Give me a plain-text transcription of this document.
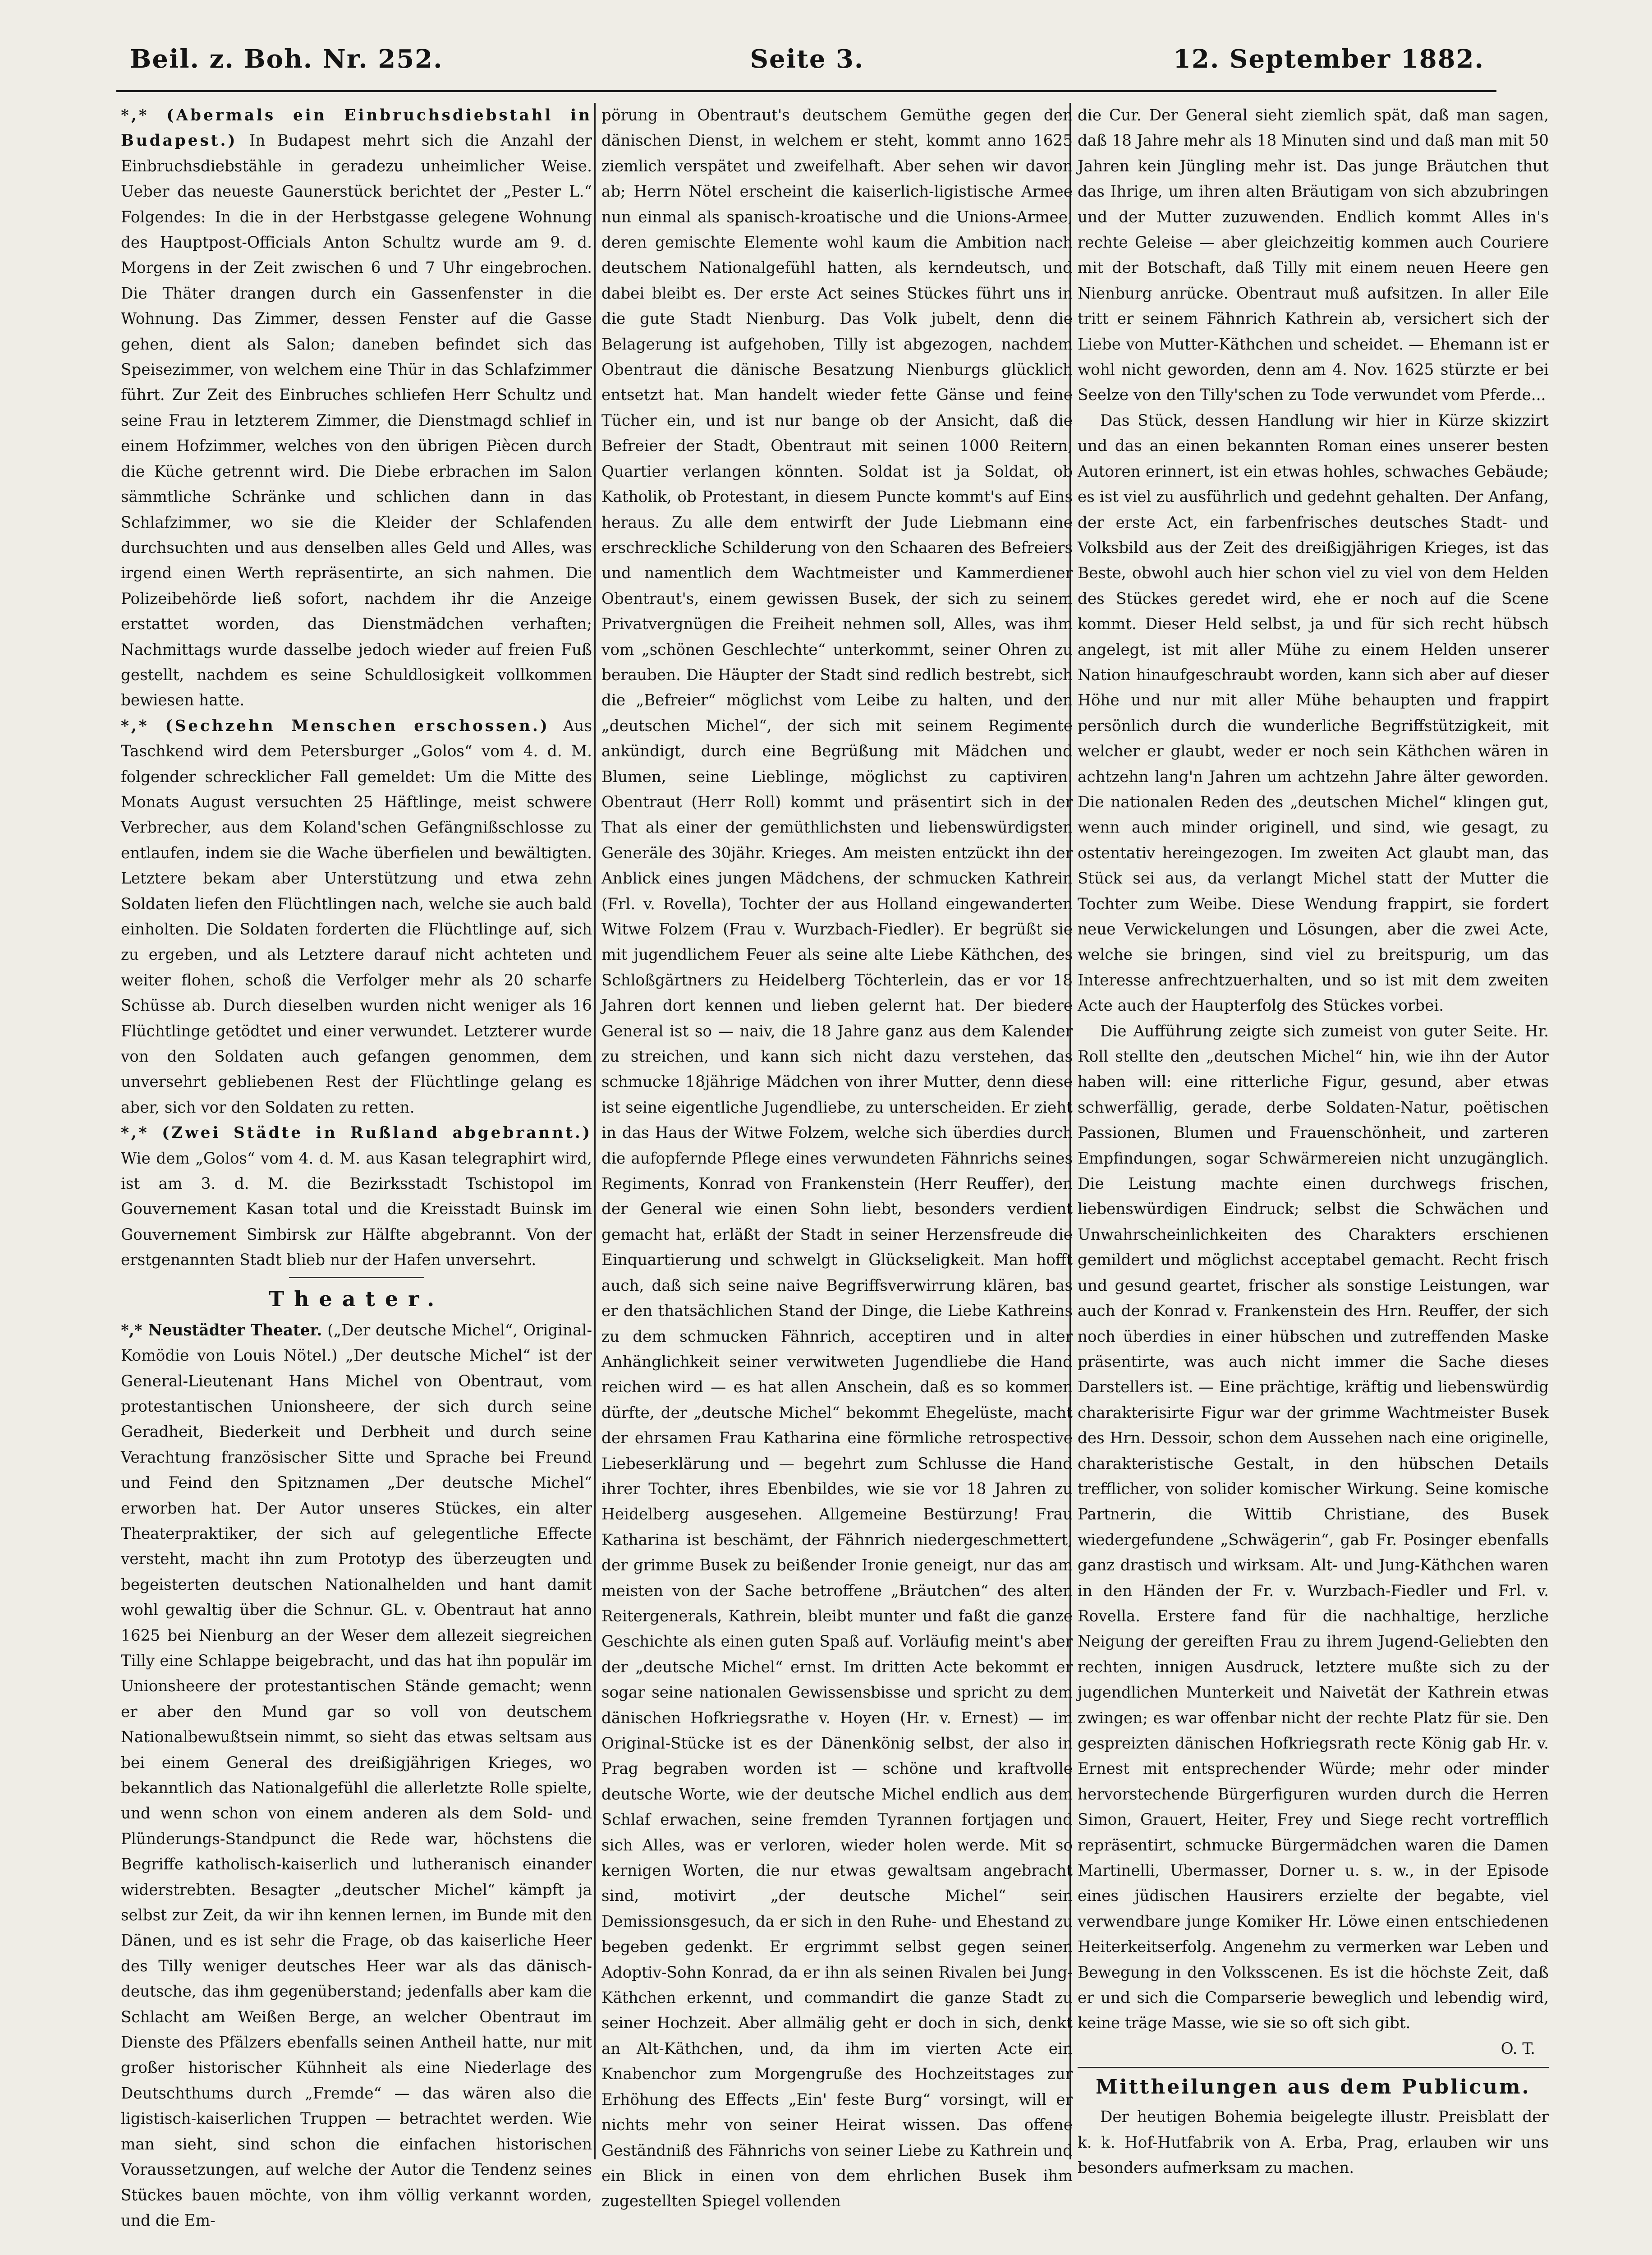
Beil. z. Boh. Nr. 252.	Seite 3.	12. September 1882.

*,* (Abermals ein Einbruchsdiebstahl in Budapest.) In Budapest mehrt sich die Anzahl der Einbruchsdiebstähle in geradezu unheimlicher Weise. Ueber das neueste Gaunerstück berichtet der „Pester L.“ Folgendes: In die in der Herbstgasse gelegene Wohnung des Hauptpost-Officials Anton Schultz wurde am 9. d. Morgens in der Zeit zwischen 6 und 7 Uhr eingebrochen. Die Thäter drangen durch ein Gassenfenster in die Wohnung. Das Zimmer, dessen Fenster auf die Gasse gehen, dient als Salon; daneben befindet sich das Speisezimmer, von welchem eine Thür in das Schlafzimmer führt. Zur Zeit des Einbruches schliefen Herr Schultz und seine Frau in letzterem Zimmer, die Dienstmagd schlief in einem Hofzimmer, welches von den übrigen Piècen durch die Küche getrennt wird. Die Diebe erbrachen im Salon sämmtliche Schränke und schlichen dann in das Schlafzimmer, wo sie die Kleider der Schlafenden durchsuchten und aus denselben alles Geld und Alles, was irgend einen Werth repräsentirte, an sich nahmen. Die Polizeibehörde ließ sofort, nachdem ihr die Anzeige erstattet worden, das Dienstmädchen verhaften; Nachmittags wurde dasselbe jedoch wieder auf freien Fuß gestellt, nachdem es seine Schuldlosigkeit vollkommen bewiesen hatte.

*,* (Sechzehn Menschen erschossen.) Aus Taschkend wird dem Petersburger „Golos“ vom 4. d. M. folgender schrecklicher Fall gemeldet: Um die Mitte des Monats August versuchten 25 Häftlinge, meist schwere Verbrecher, aus dem Koland'schen Gefängnißschlosse zu entlaufen, indem sie die Wache überfielen und bewältigten. Letztere bekam aber Unterstützung und etwa zehn Soldaten liefen den Flüchtlingen nach, welche sie auch bald einholten. Die Soldaten forderten die Flüchtlinge auf, sich zu ergeben, und als Letztere darauf nicht achteten und weiter flohen, schoß die Verfolger mehr als 20 scharfe Schüsse ab. Durch dieselben wurden nicht weniger als 16 Flüchtlinge getödtet und einer verwundet. Letzterer wurde von den Soldaten auch gefangen genommen, dem unversehrt gebliebenen Rest der Flüchtlinge gelang es aber, sich vor den Soldaten zu retten.

*,* (Zwei Städte in Rußland abgebrannt.) Wie dem „Golos“ vom 4. d. M. aus Kasan telegraphirt wird, ist am 3. d. M. die Bezirksstadt Tschistopol im Gouvernement Kasan total und die Kreisstadt Buinsk im Gouvernement Simbirsk zur Hälfte abgebrannt. Von der erstgenannten Stadt blieb nur der Hafen unversehrt.

Theater.

*,* Neustädter Theater. („Der deutsche Michel“, Original-Komödie von Louis Nötel.) „Der deutsche Michel“ ist der General-Lieutenant Hans Michel von Obentraut, vom protestantischen Unionsheere, der sich durch seine Geradheit, Biederkeit und Derbheit und durch seine Verachtung französischer Sitte und Sprache bei Freund und Feind den Spitznamen „Der deutsche Michel“ erworben hat. Der Autor unseres Stückes, ein alter Theaterpraktiker, der sich auf gelegentliche Effecte versteht, macht ihn zum Prototyp des überzeugten und begeisterten deutschen Nationalhelden und hant damit wohl gewaltig über die Schnur. GL. v. Obentraut hat anno 1625 bei Nienburg an der Weser dem allezeit siegreichen Tilly eine Schlappe beigebracht, und das hat ihn populär im Unionsheere der protestantischen Stände gemacht; wenn er aber den Mund gar so voll von deutschem Nationalbewußtsein nimmt, so sieht das etwas seltsam aus bei einem General des dreißigjährigen Krieges, wo bekanntlich das Nationalgefühl die allerletzte Rolle spielte, und wenn schon von einem anderen als dem Sold- und Plünderungs-Standpunct die Rede war, höchstens die Begriffe katholisch-kaiserlich und lutheranisch einander widerstrebten. Besagter „deutscher Michel“ kämpft ja selbst zur Zeit, da wir ihn kennen lernen, im Bunde mit den Dänen, und es ist sehr die Frage, ob das kaiserliche Heer des Tilly weniger deutsches Heer war als das dänisch-deutsche, das ihm gegenüberstand; jedenfalls aber kam die Schlacht am Weißen Berge, an welcher Obentraut im Dienste des Pfälzers ebenfalls seinen Antheil hatte, nur mit großer historischer Kühnheit als eine Niederlage des Deutschthums durch „Fremde“ — das wären also die ligistisch-kaiserlichen Truppen — betrachtet werden. Wie man sieht, sind schon die einfachen historischen Voraussetzungen, auf welche der Autor die Tendenz seines Stückes bauen möchte, von ihm völlig verkannt worden, und die Em-

pörung in Obentraut's deutschem Gemüthe gegen den dänischen Dienst, in welchem er steht, kommt anno 1625 ziemlich verspätet und zweifelhaft. Aber sehen wir davon ab; Herrn Nötel erscheint die kaiserlich-ligistische Armee nun einmal als spanisch-kroatische und die Unions-Armee, deren gemischte Elemente wohl kaum die Ambition nach deutschem Nationalgefühl hatten, als kerndeutsch, und dabei bleibt es. Der erste Act seines Stückes führt uns in die gute Stadt Nienburg. Das Volk jubelt, denn die Belagerung ist aufgehoben, Tilly ist abgezogen, nachdem Obentraut die dänische Besatzung Nienburgs glücklich entsetzt hat. Man handelt wieder fette Gänse und feine Tücher ein, und ist nur bange ob der Ansicht, daß die Befreier der Stadt, Obentraut mit seinen 1000 Reitern, Quartier verlangen könnten. Soldat ist ja Soldat, ob Katholik, ob Protestant, in diesem Puncte kommt's auf Eins heraus. Zu alle dem entwirft der Jude Liebmann eine erschreckliche Schilderung von den Schaaren des Befreiers und namentlich dem Wachtmeister und Kammerdiener Obentraut's, einem gewissen Busek, der sich zu seinem Privatvergnügen die Freiheit nehmen soll, Alles, was ihm vom „schönen Geschlechte“ unterkommt, seiner Ohren zu berauben. Die Häupter der Stadt sind redlich bestrebt, sich die „Befreier“ möglichst vom Leibe zu halten, und den „deutschen Michel“, der sich mit seinem Regimente ankündigt, durch eine Begrüßung mit Mädchen und Blumen, seine Lieblinge, möglichst zu captiviren. Obentraut (Herr Roll) kommt und präsentirt sich in der That als einer der gemüthlichsten und liebenswürdigsten Generäle des 30jähr. Krieges. Am meisten entzückt ihn der Anblick eines jungen Mädchens, der schmucken Kathrein (Frl. v. Rovella), Tochter der aus Holland eingewanderten Witwe Folzem (Frau v. Wurzbach-Fiedler). Er begrüßt sie mit jugendlichem Feuer als seine alte Liebe Käthchen, des Schloßgärtners zu Heidelberg Töchterlein, das er vor 18 Jahren dort kennen und lieben gelernt hat. Der biedere General ist so — naiv, die 18 Jahre ganz aus dem Kalender zu streichen, und kann sich nicht dazu verstehen, das schmucke 18jährige Mädchen von ihrer Mutter, denn diese ist seine eigentliche Jugendliebe, zu unterscheiden. Er zieht in das Haus der Witwe Folzem, welche sich überdies durch die aufopfernde Pflege eines verwundeten Fähnrichs seines Regiments, Konrad von Frankenstein (Herr Reuffer), den der General wie einen Sohn liebt, besonders verdient gemacht hat, erläßt der Stadt in seiner Herzensfreude die Einquartierung und schwelgt in Glückseligkeit. Man hofft auch, daß sich seine naive Begriffsverwirrung klären, bas er den thatsächlichen Stand der Dinge, die Liebe Kathreins zu dem schmucken Fähnrich, acceptiren und in alter Anhänglichkeit seiner verwitweten Jugendliebe die Hand reichen wird — es hat allen Anschein, daß es so kommen dürfte, der „deutsche Michel“ bekommt Ehegelüste, macht der ehrsamen Frau Katharina eine förmliche retrospective Liebeserklärung und — begehrt zum Schlusse die Hand ihrer Tochter, ihres Ebenbildes, wie sie vor 18 Jahren zu Heidelberg ausgesehen. Allgemeine Bestürzung! Frau Katharina ist beschämt, der Fähnrich niedergeschmettert, der grimme Busek zu beißender Ironie geneigt, nur das am meisten von der Sache betroffene „Bräutchen“ des alten Reitergenerals, Kathrein, bleibt munter und faßt die ganze Geschichte als einen guten Spaß auf. Vorläufig meint's aber der „deutsche Michel“ ernst. Im dritten Acte bekommt er sogar seine nationalen Gewissensbisse und spricht zu dem dänischen Hofkriegsrathe v. Hoyen (Hr. v. Ernest) — im Original-Stücke ist es der Dänenkönig selbst, der also in Prag begraben worden ist — schöne und kraftvolle deutsche Worte, wie der deutsche Michel endlich aus dem Schlaf erwachen, seine fremden Tyrannen fortjagen und sich Alles, was er verloren, wieder holen werde. Mit so kernigen Worten, die nur etwas gewaltsam angebracht sind, motivirt „der deutsche Michel“ sein Demissionsgesuch, da er sich in den Ruhe- und Ehestand zu begeben gedenkt. Er ergrimmt selbst gegen seinen Adoptiv-Sohn Konrad, da er ihn als seinen Rivalen bei Jung-Käthchen erkennt, und commandirt die ganze Stadt zu seiner Hochzeit. Aber allmälig geht er doch in sich, denkt an Alt-Käthchen, und, da ihm im vierten Acte ein Knabenchor zum Morgengruße des Hochzeitstages zur Erhöhung des Effects „Ein' feste Burg“ vorsingt, will er nichts mehr von seiner Heirat wissen. Das offene Geständniß des Fähnrichs von seiner Liebe zu Kathrein und ein Blick in einen von dem ehrlichen Busek ihm zugestellten Spiegel vollenden

die Cur. Der General sieht ziemlich spät, daß man sagen, daß 18 Jahre mehr als 18 Minuten sind und daß man mit 50 Jahren kein Jüngling mehr ist. Das junge Bräutchen thut das Ihrige, um ihren alten Bräutigam von sich abzubringen und der Mutter zuzuwenden. Endlich kommt Alles in's rechte Geleise — aber gleichzeitig kommen auch Couriere mit der Botschaft, daß Tilly mit einem neuen Heere gen Nienburg anrücke. Obentraut muß aufsitzen. In aller Eile tritt er seinem Fähnrich Kathrein ab, versichert sich der Liebe von Mutter-Käthchen und scheidet. — Ehemann ist er wohl nicht geworden, denn am 4. Nov. 1625 stürzte er bei Seelze von den Tilly'schen zu Tode verwundet vom Pferde...

Das Stück, dessen Handlung wir hier in Kürze skizzirt und das an einen bekannten Roman eines unserer besten Autoren erinnert, ist ein etwas hohles, schwaches Gebäude; es ist viel zu ausführlich und gedehnt gehalten. Der Anfang, der erste Act, ein farbenfrisches deutsches Stadt- und Volksbild aus der Zeit des dreißigjährigen Krieges, ist das Beste, obwohl auch hier schon viel zu viel von dem Helden des Stückes geredet wird, ehe er noch auf die Scene kommt. Dieser Held selbst, ja und für sich recht hübsch angelegt, ist mit aller Mühe zu einem Helden unserer Nation hinaufgeschraubt worden, kann sich aber auf dieser Höhe und nur mit aller Mühe behaupten und frappirt persönlich durch die wunderliche Begriffstützigkeit, mit welcher er glaubt, weder er noch sein Käthchen wären in achtzehn lang'n Jahren um achtzehn Jahre älter geworden. Die nationalen Reden des „deutschen Michel“ klingen gut, wenn auch minder originell, und sind, wie gesagt, zu ostentativ hereingezogen. Im zweiten Act glaubt man, das Stück sei aus, da verlangt Michel statt der Mutter die Tochter zum Weibe. Diese Wendung frappirt, sie fordert neue Verwickelungen und Lösungen, aber die zwei Acte, welche sie bringen, sind viel zu breitspurig, um das Interesse anfrechtzuerhalten, und so ist mit dem zweiten Acte auch der Haupterfolg des Stückes vorbei.

Die Aufführung zeigte sich zumeist von guter Seite. Hr. Roll stellte den „deutschen Michel“ hin, wie ihn der Autor haben will: eine ritterliche Figur, gesund, aber etwas schwerfällig, gerade, derbe Soldaten-Natur, poëtischen Passionen, Blumen und Frauenschönheit, und zarteren Empfindungen, sogar Schwärmereien nicht unzugänglich. Die Leistung machte einen durchwegs frischen, liebenswürdigen Eindruck; selbst die Schwächen und Unwahrscheinlichkeiten des Charakters erschienen gemildert und möglichst acceptabel gemacht. Recht frisch und gesund geartet, frischer als sonstige Leistungen, war auch der Konrad v. Frankenstein des Hrn. Reuffer, der sich noch überdies in einer hübschen und zutreffenden Maske präsentirte, was auch nicht immer die Sache dieses Darstellers ist. — Eine prächtige, kräftig und liebenswürdig charakterisirte Figur war der grimme Wachtmeister Busek des Hrn. Dessoir, schon dem Aussehen nach eine originelle, charakteristische Gestalt, in den hübschen Details trefflicher, von solider komischer Wirkung. Seine komische Partnerin, die Wittib Christiane, des Busek wiedergefundene „Schwägerin“, gab Fr. Posinger ebenfalls ganz drastisch und wirksam. Alt- und Jung-Käthchen waren in den Händen der Fr. v. Wurzbach-Fiedler und Frl. v. Rovella. Erstere fand für die nachhaltige, herzliche Neigung der gereiften Frau zu ihrem Jugend-Geliebten den rechten, innigen Ausdruck, letztere mußte sich zu der jugendlichen Munterkeit und Naivetät der Kathrein etwas zwingen; es war offenbar nicht der rechte Platz für sie. Den gespreizten dänischen Hofkriegsrath recte König gab Hr. v. Ernest mit entsprechender Würde; mehr oder minder hervorstechende Bürgerfiguren wurden durch die Herren Simon, Grauert, Heiter, Frey und Siege recht vortrefflich repräsentirt, schmucke Bürgermädchen waren die Damen Martinelli, Ubermasser, Dorner u. s. w., in der Episode eines jüdischen Hausirers erzielte der begabte, viel verwendbare junge Komiker Hr. Löwe einen entschiedenen Heiterkeitserfolg. Angenehm zu vermerken war Leben und Bewegung in den Volksscenen. Es ist die höchste Zeit, daß er und sich die Comparserie beweglich und lebendig wird, keine träge Masse, wie sie so oft sich gibt.
O. T.

Mittheilungen aus dem Publicum.

Der heutigen Bohemia beigelegte illustr. Preisblatt der k. k. Hof-Hutfabrik von A. Erba, Prag, erlauben wir uns besonders aufmerksam zu machen.
